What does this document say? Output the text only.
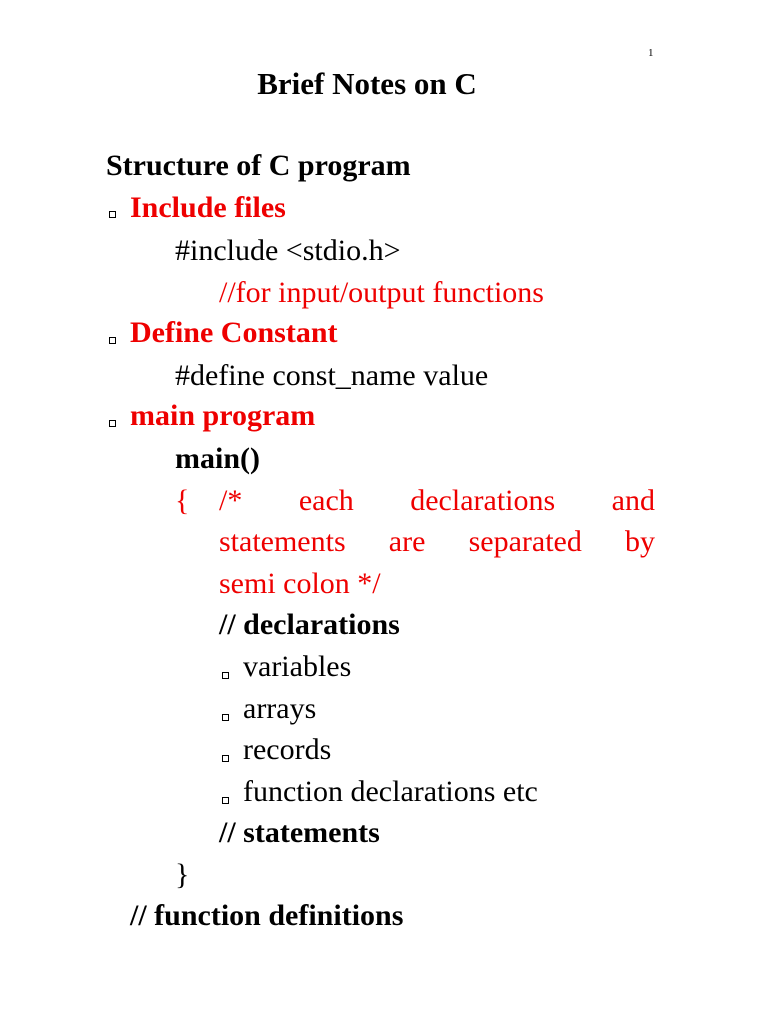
1
Brief Notes on C
Structure of C program
Include files
#include <stdio.h>
//for input/output functions
Define Constant
#define const_name value
main program
main()
{ /* each declarations and
statements are separated by
semi colon */
// declarations
variables
arrays
records
function declarations etc
// statements
}
// function definitions
